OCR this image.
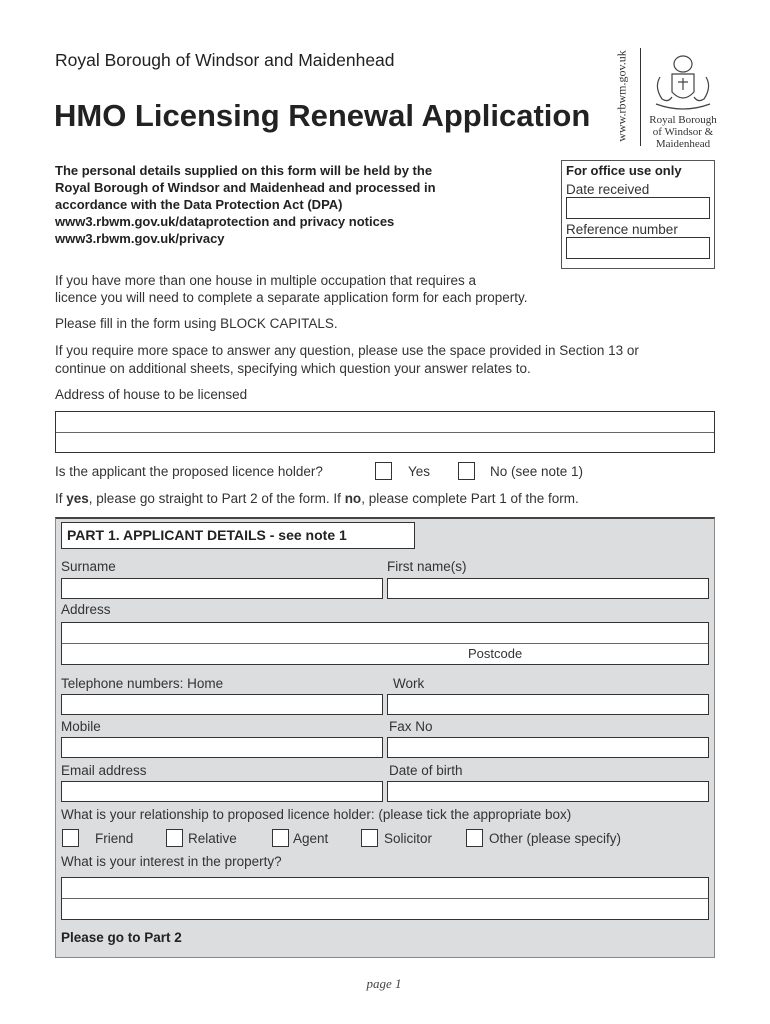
Royal Borough of Windsor and Maidenhead
HMO Licensing Renewal Application www.rbwm.gov.uk Royal Borough
of Windsor &
Maidenhead
The personal details supplied on this form will be held by the
Royal Borough of Windsor and Maidenhead and processed in
accordance with the Data Protection Act (DPA)
www3.rbwm.gov.uk/dataprotection and privacy notices
www3.rbwm.gov.uk/privacy
For office use only
Date received
Reference number
If you have more than one house in multiple occupation that requires a
licence you will need to complete a separate application form for each property.
Please fill in the form using BLOCK CAPITALS.
If you require more space to answer any question, please use the space provided in Section 13 or
continue on additional sheets, specifying which question your answer relates to.
Address of house to be licensed
Is the applicant the proposed licence holder?	Yes	No (see note 1)
If yes, please go straight to Part 2 of the form. If no, please complete Part 1 of the form.
PART 1. APPLICANT DETAILS - see note 1
Surname	First name(s)
Address
Postcode
Telephone numbers: Home	Work
Mobile	Fax No
Email address	Date of birth
What is your relationship to proposed licence holder: (please tick the appropriate box)
Friend	Relative	Agent	Solicitor	Other (please specify)
What is your interest in the property?
Please go to Part 2
page 1
